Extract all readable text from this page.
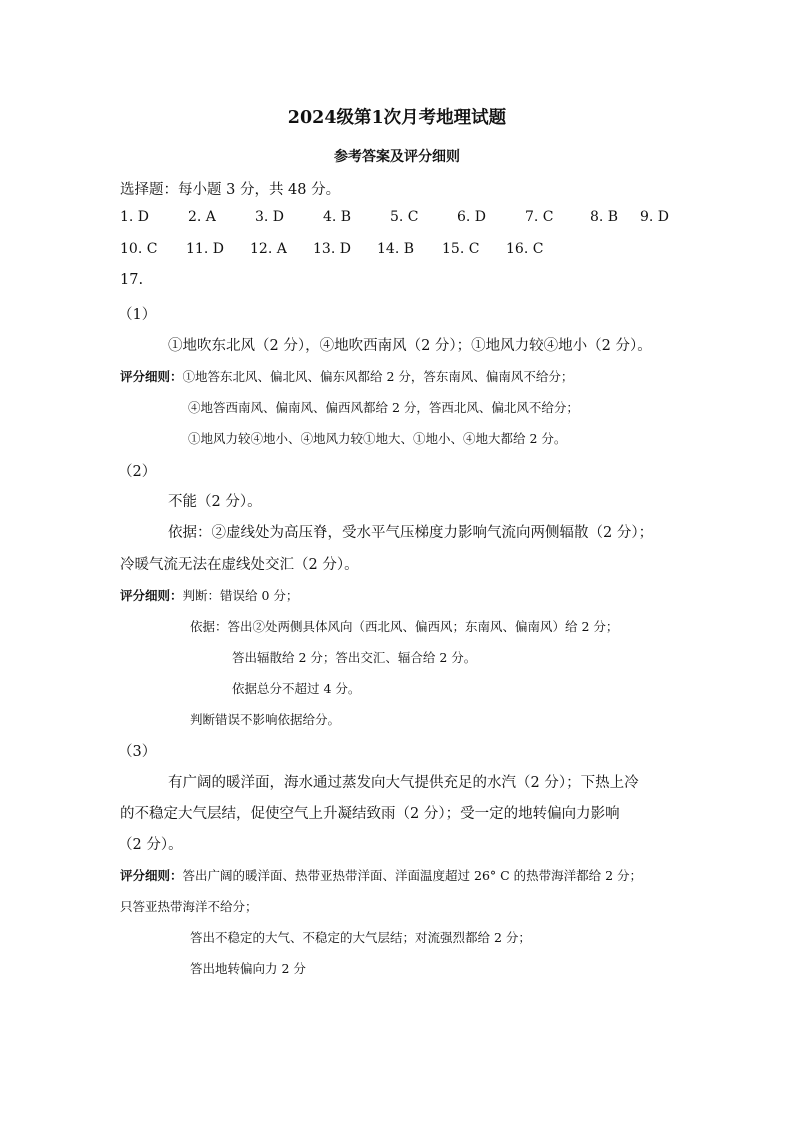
2024级第1次月考地理试题
参考答案及评分细则
选择题：每小题 3 分，共 48 分。
1. D	2. A	3. D	4. B	5. C	6. D	7. C	8. B 9. D
10. C 11. D 12. A 13. D 14. B 15. C 16. C
17.
（1）
①地吹东北风（2 分），④地吹西南风（2 分）；①地风力较④地小（2 分）。
评分细则：①地答东北风、偏北风、偏东风都给 2 分，答东南风、偏南风不给分；
④地答西南风、偏南风、偏西风都给 2 分，答西北风、偏北风不给分；
①地风力较④地小、④地风力较①地大、①地小、④地大都给 2 分。
（2）
不能（2 分）。
依据：②虚线处为高压脊，受水平气压梯度力影响气流向两侧辐散（2 分）；
冷暖气流无法在虚线处交汇（2 分）。
评分细则：判断：错误给 0 分；
依据：答出②处两侧具体风向（西北风、偏西风；东南风、偏南风）给 2 分；
答出辐散给 2 分；答出交汇、辐合给 2 分。
依据总分不超过 4 分。
判断错误不影响依据给分。
（3）
有广阔的暖洋面，海水通过蒸发向大气提供充足的水汽（2 分）；下热上冷
的不稳定大气层结，促使空气上升凝结致雨（2 分）；受一定的地转偏向力影响
（2 分）。
评分细则：答出广阔的暖洋面、热带亚热带洋面、洋面温度超过 26° C 的热带海洋都给 2 分；
只答亚热带海洋不给分；
答出不稳定的大气、不稳定的大气层结；对流强烈都给 2 分；
答出地转偏向力 2 分
